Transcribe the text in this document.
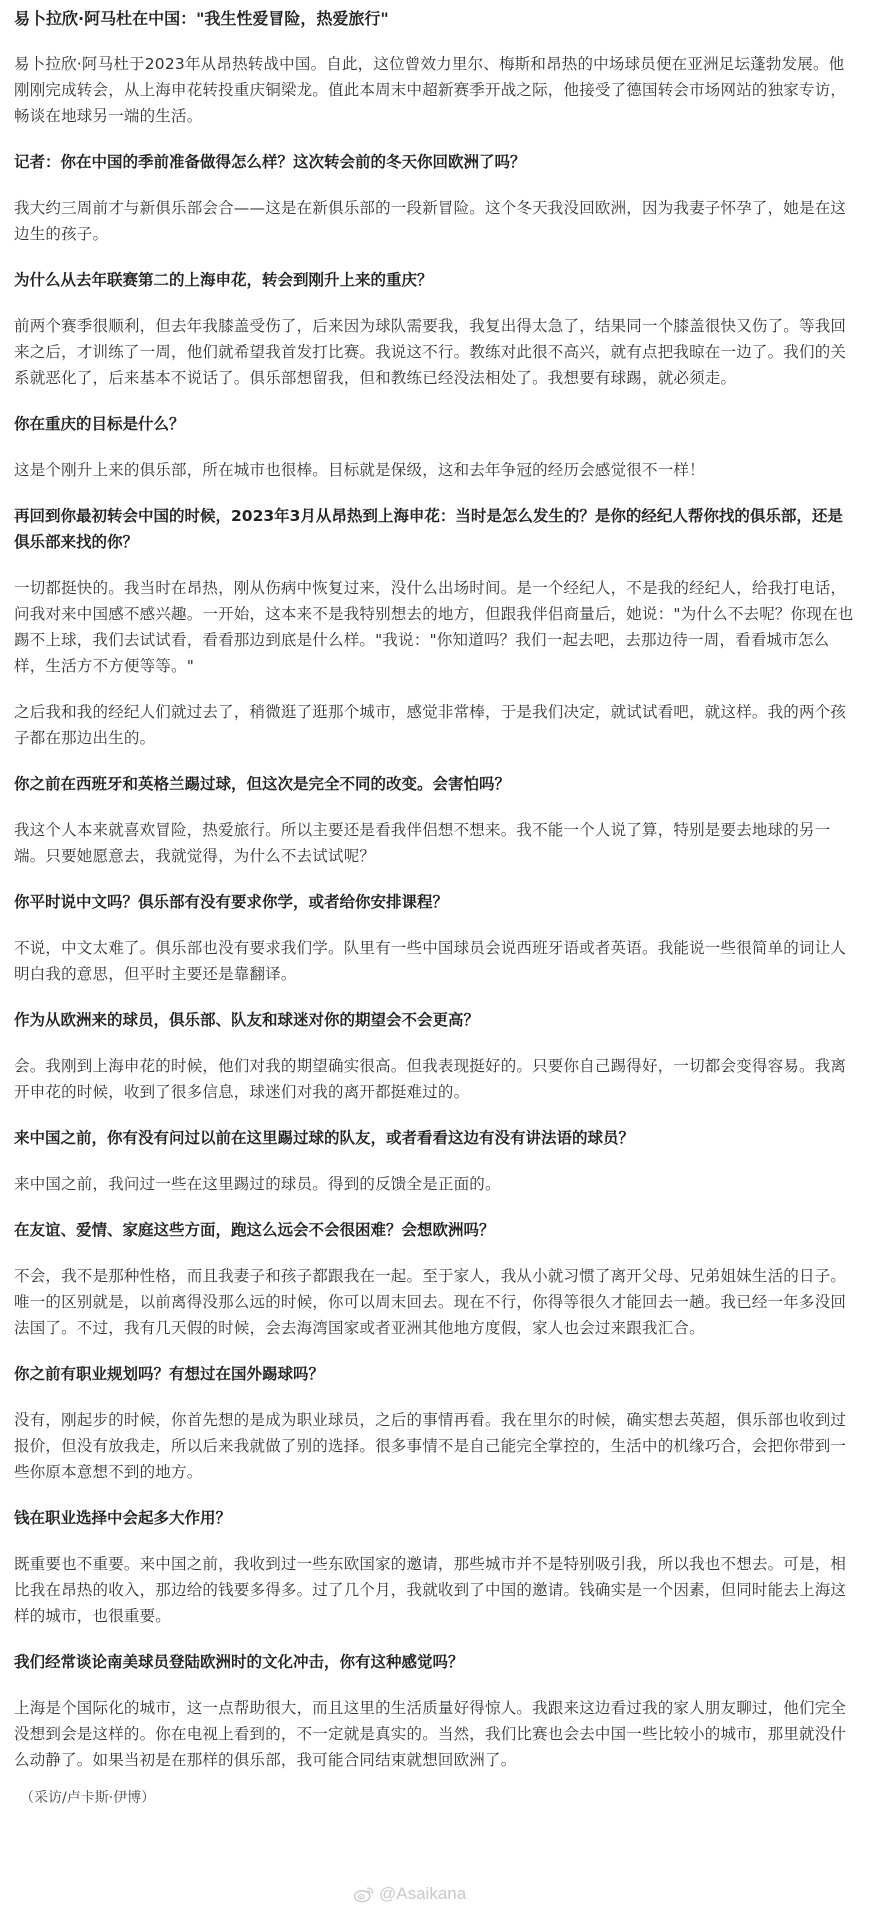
易卜拉欣·阿马杜在中国："我生性爱冒险，热爱旅行"

易卜拉欣·阿马杜于2023年从昂热转战中国。自此，这位曾效力里尔、梅斯和昂热的中场球员便在亚洲足坛蓬勃发展。他刚刚完成转会，从上海申花转投重庆铜梁龙。值此本周末中超新赛季开战之际，他接受了德国转会市场网站的独家专访，畅谈在地球另一端的生活。

记者：你在中国的季前准备做得怎么样？这次转会前的冬天你回欧洲了吗？

我大约三周前才与新俱乐部会合——这是在新俱乐部的一段新冒险。这个冬天我没回欧洲，因为我妻子怀孕了，她是在这边生的孩子。

为什么从去年联赛第二的上海申花，转会到刚升上来的重庆？

前两个赛季很顺利，但去年我膝盖受伤了，后来因为球队需要我，我复出得太急了，结果同一个膝盖很快又伤了。等我回来之后，才训练了一周，他们就希望我首发打比赛。我说这不行。教练对此很不高兴，就有点把我晾在一边了。我们的关系就恶化了，后来基本不说话了。俱乐部想留我，但和教练已经没法相处了。我想要有球踢，就必须走。

你在重庆的目标是什么？

这是个刚升上来的俱乐部，所在城市也很棒。目标就是保级，这和去年争冠的经历会感觉很不一样！

再回到你最初转会中国的时候，2023年3月从昂热到上海申花：当时是怎么发生的？是你的经纪人帮你找的俱乐部，还是俱乐部来找的你？

一切都挺快的。我当时在昂热，刚从伤病中恢复过来，没什么出场时间。是一个经纪人，不是我的经纪人，给我打电话，问我对来中国感不感兴趣。一开始，这本来不是我特别想去的地方，但跟我伴侣商量后，她说："为什么不去呢？你现在也踢不上球，我们去试试看，看看那边到底是什么样。"我说："你知道吗？我们一起去吧，去那边待一周，看看城市怎么样，生活方不方便等等。"

之后我和我的经纪人们就过去了，稍微逛了逛那个城市，感觉非常棒，于是我们决定，就试试看吧，就这样。我的两个孩子都在那边出生的。

你之前在西班牙和英格兰踢过球，但这次是完全不同的改变。会害怕吗？

我这个人本来就喜欢冒险，热爱旅行。所以主要还是看我伴侣想不想来。我不能一个人说了算，特别是要去地球的另一端。只要她愿意去，我就觉得，为什么不去试试呢？

你平时说中文吗？俱乐部有没有要求你学，或者给你安排课程？

不说，中文太难了。俱乐部也没有要求我们学。队里有一些中国球员会说西班牙语或者英语。我能说一些很简单的词让人明白我的意思，但平时主要还是靠翻译。

作为从欧洲来的球员，俱乐部、队友和球迷对你的期望会不会更高？

会。我刚到上海申花的时候，他们对我的期望确实很高。但我表现挺好的。只要你自己踢得好，一切都会变得容易。我离开申花的时候，收到了很多信息，球迷们对我的离开都挺难过的。

来中国之前，你有没有问过以前在这里踢过球的队友，或者看看这边有没有讲法语的球员？

来中国之前，我问过一些在这里踢过的球员。得到的反馈全是正面的。

在友谊、爱情、家庭这些方面，跑这么远会不会很困难？会想欧洲吗？

不会，我不是那种性格，而且我妻子和孩子都跟我在一起。至于家人，我从小就习惯了离开父母、兄弟姐妹生活的日子。唯一的区别就是，以前离得没那么远的时候，你可以周末回去。现在不行，你得等很久才能回去一趟。我已经一年多没回法国了。不过，我有几天假的时候，会去海湾国家或者亚洲其他地方度假，家人也会过来跟我汇合。

你之前有职业规划吗？有想过在国外踢球吗？

没有，刚起步的时候，你首先想的是成为职业球员，之后的事情再看。我在里尔的时候，确实想去英超，俱乐部也收到过报价，但没有放我走，所以后来我就做了别的选择。很多事情不是自己能完全掌控的，生活中的机缘巧合，会把你带到一些你原本意想不到的地方。

钱在职业选择中会起多大作用？

既重要也不重要。来中国之前，我收到过一些东欧国家的邀请，那些城市并不是特别吸引我，所以我也不想去。可是，相比我在昂热的收入，那边给的钱要多得多。过了几个月，我就收到了中国的邀请。钱确实是一个因素，但同时能去上海这样的城市，也很重要。

我们经常谈论南美球员登陆欧洲时的文化冲击，你有这种感觉吗？

上海是个国际化的城市，这一点帮助很大，而且这里的生活质量好得惊人。我跟来这边看过我的家人朋友聊过，他们完全没想到会是这样的。你在电视上看到的，不一定就是真实的。当然，我们比赛也会去中国一些比较小的城市，那里就没什么动静了。如果当初是在那样的俱乐部，我可能合同结束就想回欧洲了。

（采访/卢卡斯·伊博）

@Asaikana
